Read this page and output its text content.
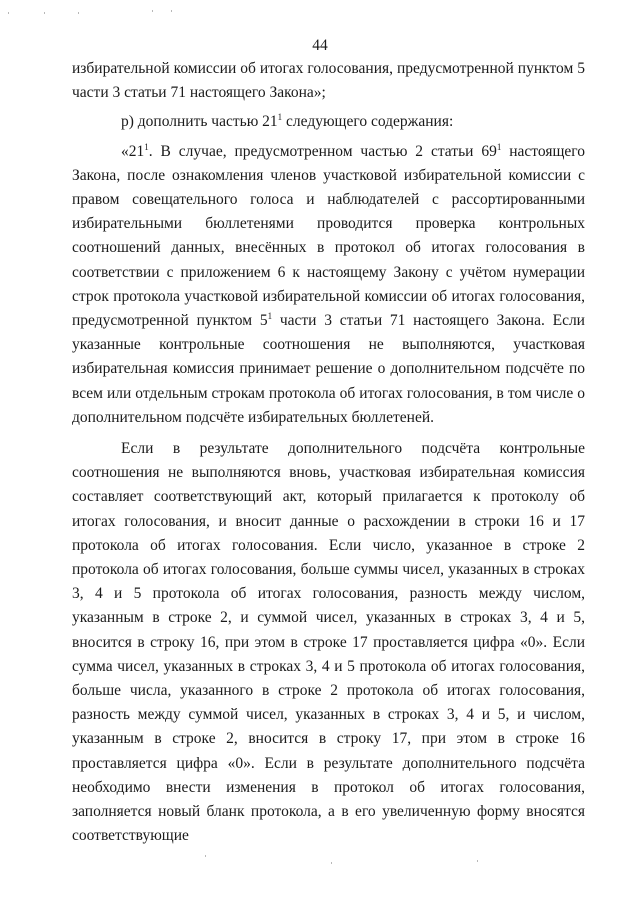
44

избирательной комиссии об итогах голосования, предусмотренной пунктом 5 части 3 статьи 71 настоящего Закона»;

р) дополнить частью $21^1$ следующего содержания:

«$21^1$. В случае, предусмотренном частью 2 статьи $69^1$ настоящего Закона, после ознакомления членов участковой избирательной комиссии с правом совещательного голоса и наблюдателей с рассортированными избирательными бюллетенями проводится проверка контрольных соотношений данных, внесённых в протокол об итогах голосования в соответствии с приложением 6 к настоящему Закону с учётом нумерации строк протокола участковой избирательной комиссии об итогах голосования, предусмотренной пунктом $5^1$ части 3 статьи 71 настоящего Закона. Если указанные контрольные соотношения не выполняются, участковая избирательная комиссия принимает решение о дополнительном подсчёте по всем или отдельным строкам протокола об итогах голосования, в том числе о дополнительном подсчёте избирательных бюллетеней.

Если в результате дополнительного подсчёта контрольные соотношения не выполняются вновь, участковая избирательная комиссия составляет соответствующий акт, который прилагается к протоколу об итогах голосования, и вносит данные о расхождении в строки 16 и 17 протокола об итогах голосования. Если число, указанное в строке 2 протокола об итогах голосования, больше суммы чисел, указанных в строках 3, 4 и 5 протокола об итогах голосования, разность между числом, указанным в строке 2, и суммой чисел, указанных в строках 3, 4 и 5, вносится в строку 16, при этом в строке 17 проставляется цифра «0». Если сумма чисел, указанных в строках 3, 4 и 5 протокола об итогах голосования, больше числа, указанного в строке 2 протокола об итогах голосования, разность между суммой чисел, указанных в строках 3, 4 и 5, и числом, указанным в строке 2, вносится в строку 17, при этом в строке 16 проставляется цифра «0». Если в результате дополнительного подсчёта необходимо внести изменения в протокол об итогах голосования, заполняется новый бланк протокола, а в его увеличенную форму вносятся соответствующие
